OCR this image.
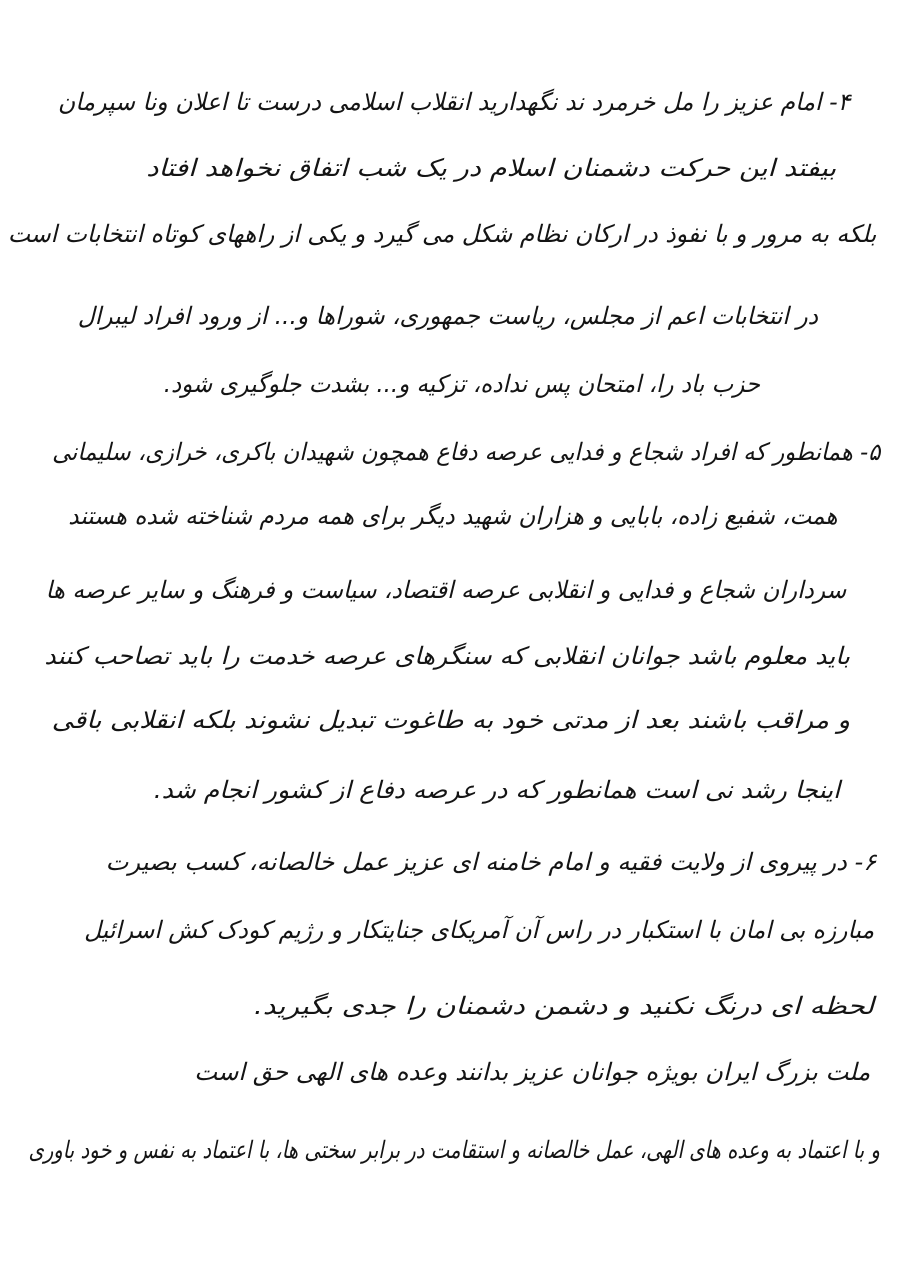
۴- امام عزیز را مل خرمرد ند نگهدارید انقلاب اسلامی درست تا اعلان ونا سپرمان
بیفتد این حرکت دشمنان اسلام در یک شب اتفاق نخواهد افتاد
بلکه به مرور و با نفوذ در ارکان نظام شکل می گیرد و یکی از راههای کوتاه انتخابات است
در انتخابات اعم از مجلس، ریاست جمهوری، شوراها و... از ورود افراد لیبرال
حزب باد را، امتحان پس نداده، تزکیه و... بشدت جلوگیری شود.
۵- همانطور که افراد شجاع و فدایی عرصه دفاع همچون شهیدان باکری، خرازی، سلیمانی
همت، شفیع زاده، بابایی و هزاران شهید دیگر برای همه مردم شناخته شده هستند
سرداران شجاع و فدایی و انقلابی عرصه اقتصاد، سیاست و فرهنگ و سایر عرصه ها
باید معلوم باشد جوانان انقلابی که سنگرهای عرصه خدمت را باید تصاحب کنند
و مراقب باشند بعد از مدتی خود به طاغوت تبدیل نشوند بلکه انقلابی باقی
اینجا رشد نی است همانطور که در عرصه دفاع از کشور انجام شد.
۶- در پیروی از ولایت فقیه و امام خامنه ای عزیز عمل خالصانه، کسب بصیرت
مبارزه بی امان با استکبار در راس آن آمریکای جنایتکار و رژیم کودک کش اسرائیل
لحظه ای درنگ نکنید و دشمن دشمنان را جدی بگیرید.
ملت بزرگ ایران بویژه جوانان عزیز بدانند وعده های الهی حق است
و با اعتماد به وعده های الهی، عمل خالصانه و استقامت در برابر سختی ها، با اعتماد به نفس و خود باوری
